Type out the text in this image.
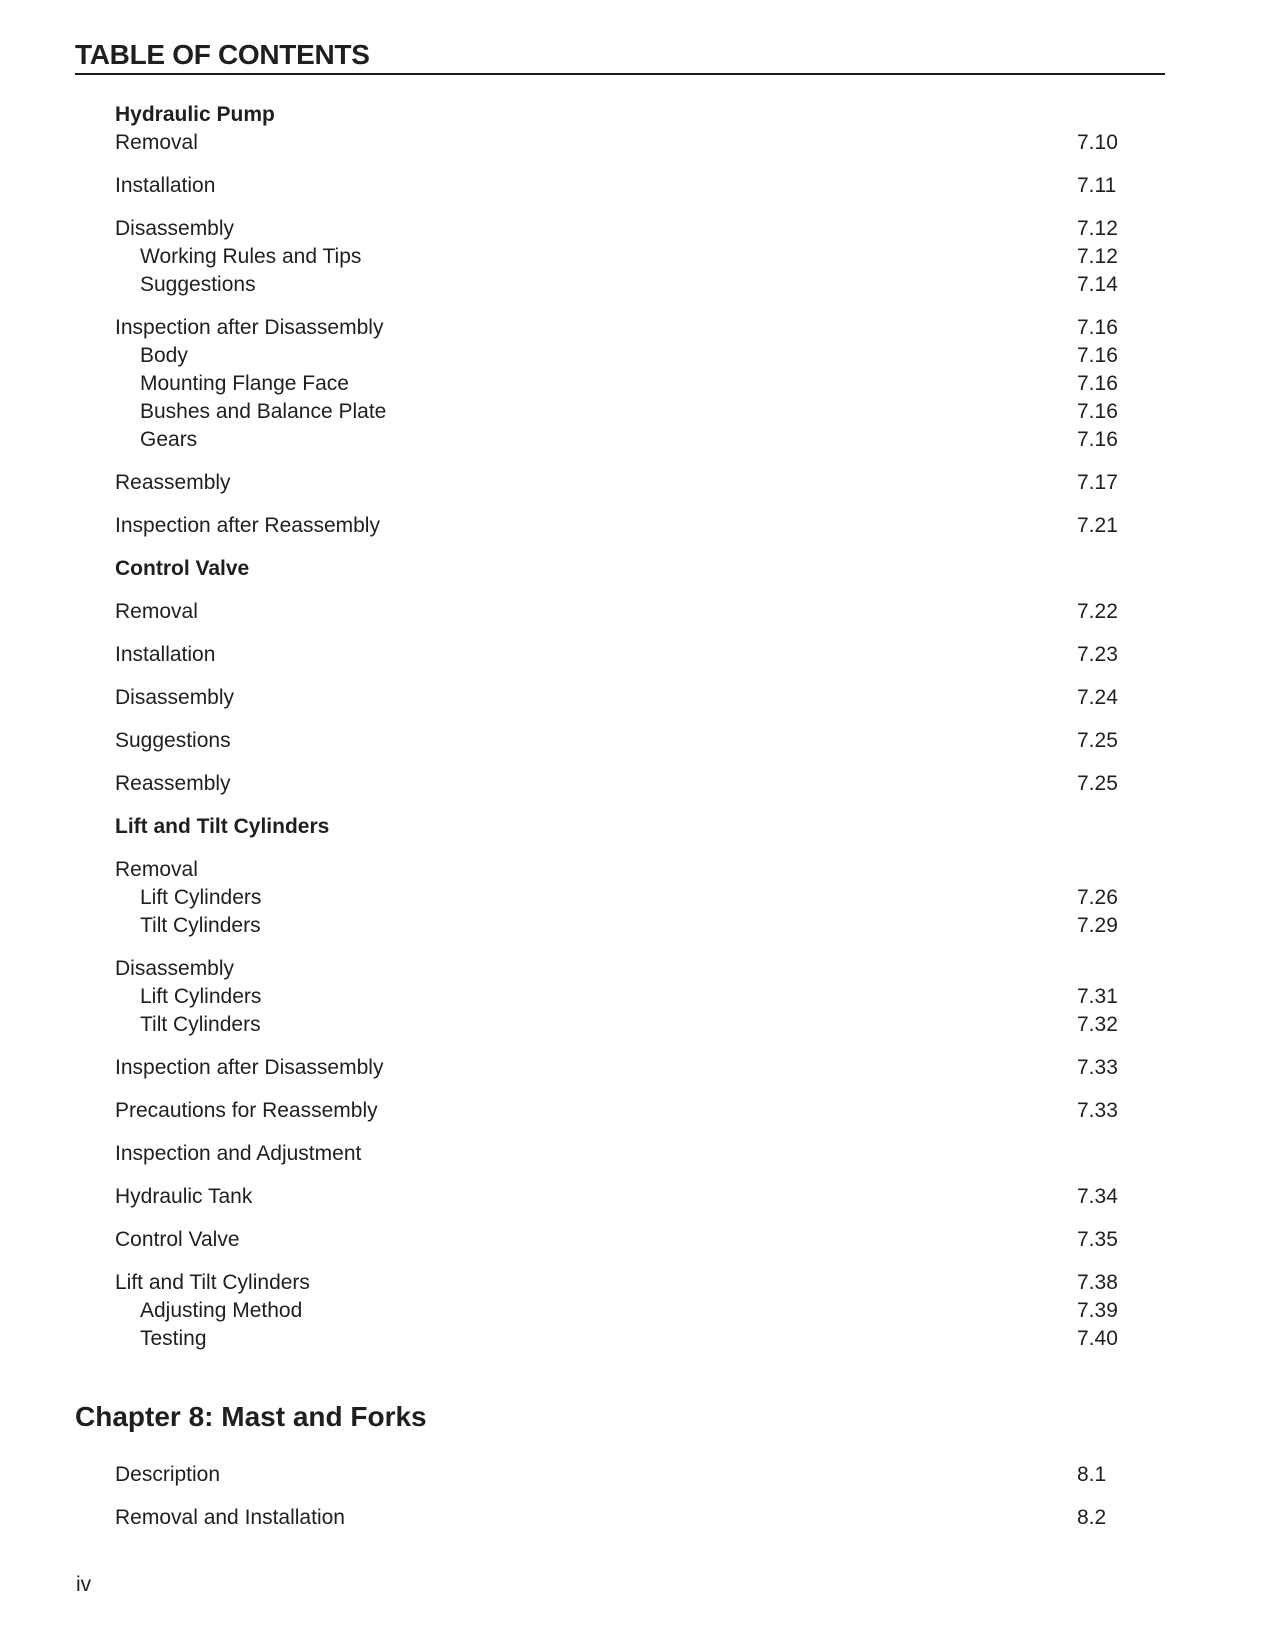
TABLE OF CONTENTS
Hydraulic Pump
Removal	7.10
Installation	7.11
Disassembly	7.12
Working Rules and Tips	7.12
Suggestions	7.14
Inspection after Disassembly	7.16
Body	7.16
Mounting Flange Face	7.16
Bushes and Balance Plate	7.16
Gears	7.16
Reassembly	7.17
Inspection after Reassembly	7.21
Control Valve
Removal	7.22
Installation	7.23
Disassembly	7.24
Suggestions	7.25
Reassembly	7.25
Lift and Tilt Cylinders
Removal
Lift Cylinders	7.26
Tilt Cylinders	7.29
Disassembly
Lift Cylinders	7.31
Tilt Cylinders	7.32
Inspection after Disassembly	7.33
Precautions for Reassembly	7.33
Inspection and Adjustment
Hydraulic Tank	7.34
Control Valve	7.35
Lift and Tilt Cylinders	7.38
Adjusting Method	7.39
Testing	7.40
Chapter 8: Mast and Forks
Description	8.1
Removal and Installation	8.2
iv
